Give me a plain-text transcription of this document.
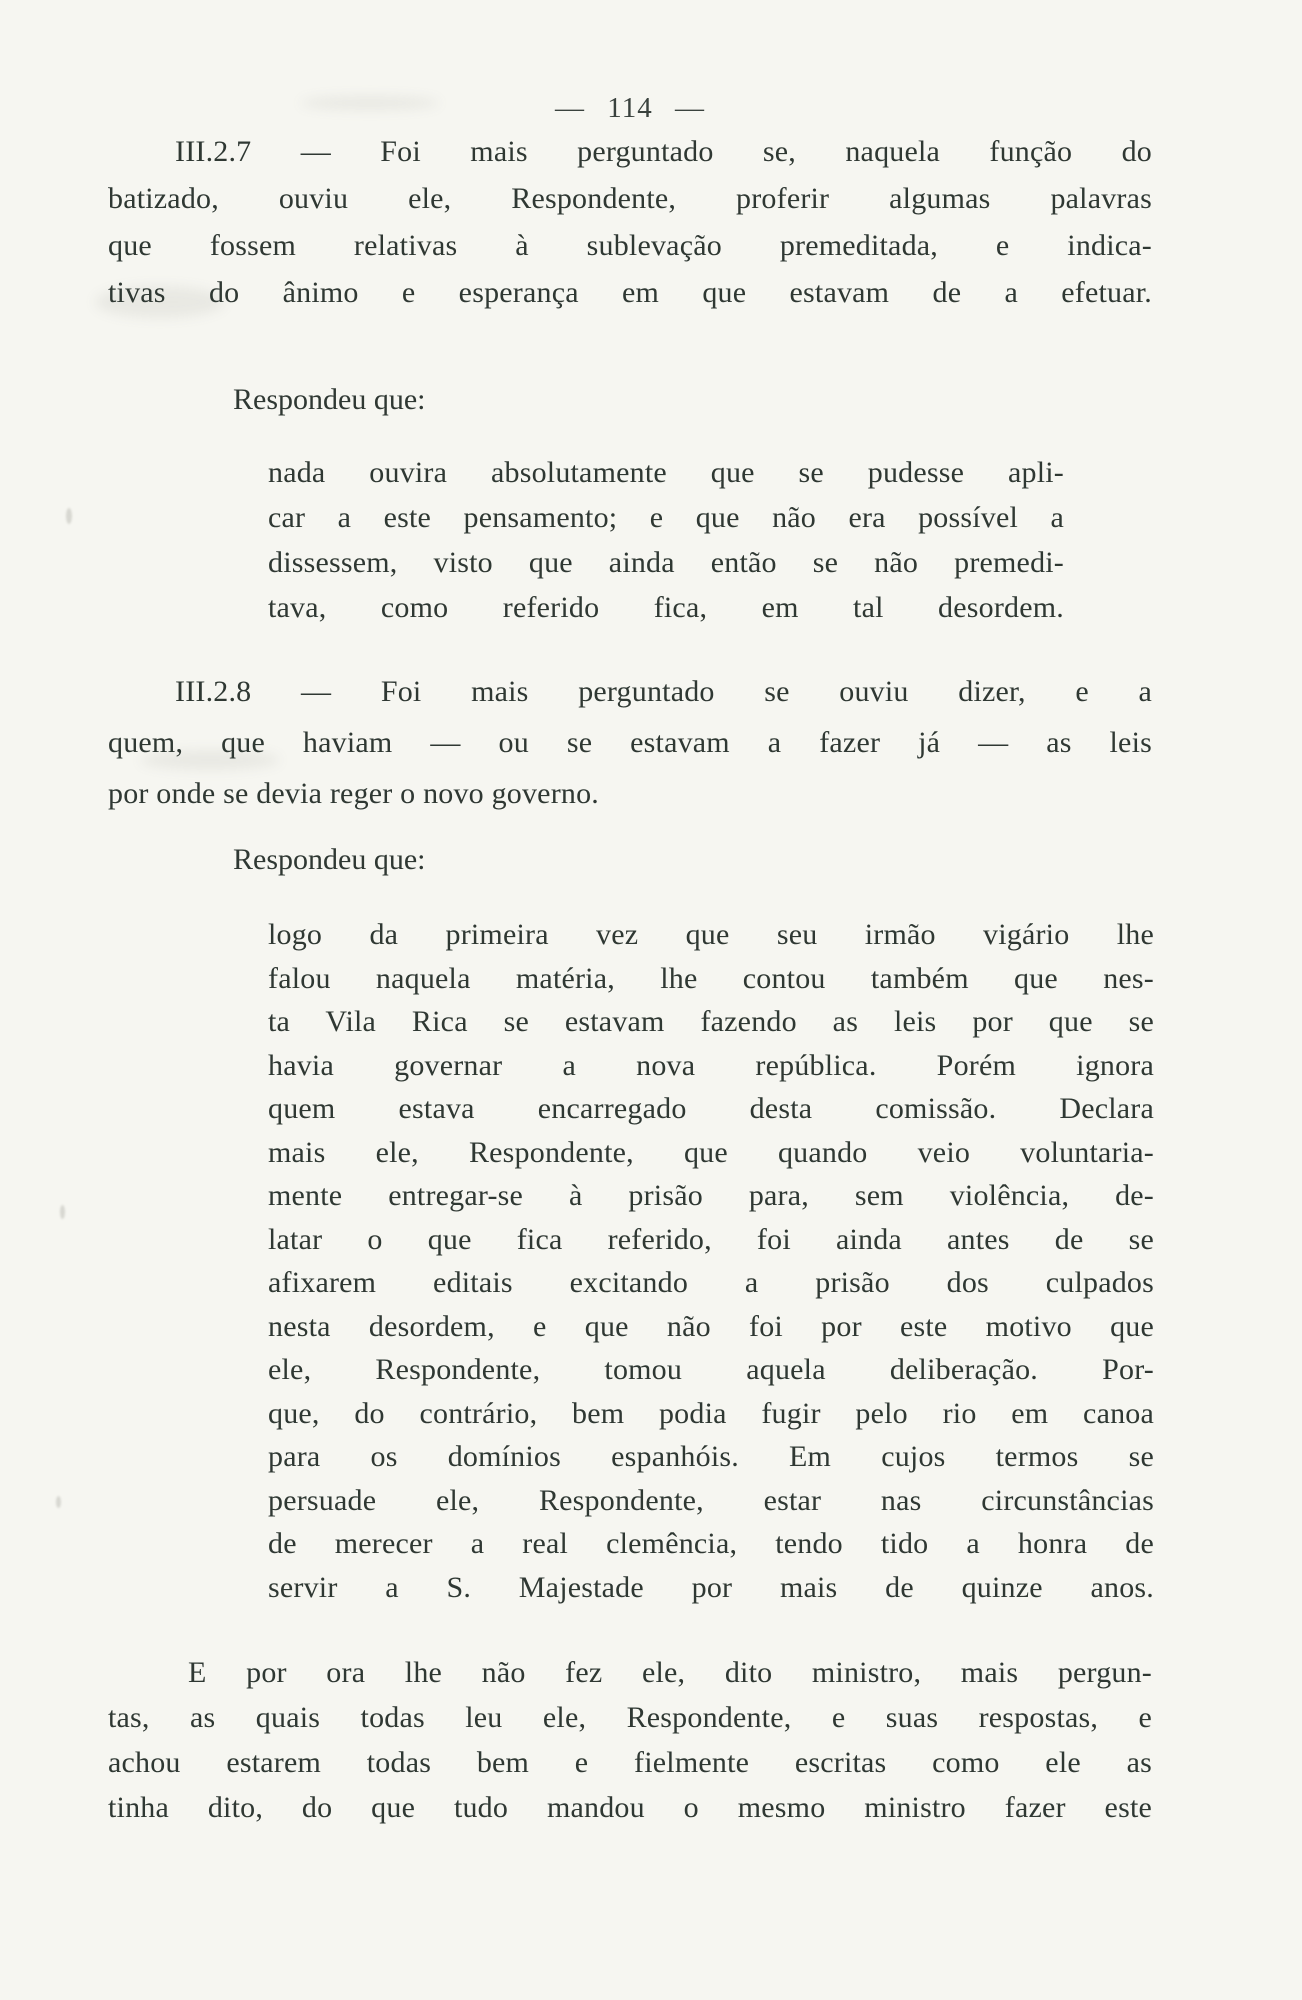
— 114 —
III.2.7 — Foi mais perguntado se, naquela função do
batizado, ouviu ele, Respondente, proferir algumas palavras
que fossem relativas à sublevação premeditada, e indica-
tivas do ânimo e esperança em que estavam de a efetuar.
Respondeu que:
nada ouvira absolutamente que se pudesse apli-
car a este pensamento; e que não era possível a
dissessem, visto que ainda então se não premedi-
tava, como referido fica, em tal desordem.
III.2.8 — Foi mais perguntado se ouviu dizer, e a
quem, que haviam — ou se estavam a fazer já — as leis
por onde se devia reger o novo governo.
Respondeu que:
logo da primeira vez que seu irmão vigário lhe
falou naquela matéria, lhe contou também que nes-
ta Vila Rica se estavam fazendo as leis por que se
havia governar a nova república. Porém ignora
quem estava encarregado desta comissão. Declara
mais ele, Respondente, que quando veio voluntaria-
mente entregar-se à prisão para, sem violência, de-
latar o que fica referido, foi ainda antes de se
afixarem editais excitando a prisão dos culpados
nesta desordem, e que não foi por este motivo que
ele, Respondente, tomou aquela deliberação. Por-
que, do contrário, bem podia fugir pelo rio em canoa
para os domínios espanhóis. Em cujos termos se
persuade ele, Respondente, estar nas circunstâncias
de merecer a real clemência, tendo tido a honra de
servir a S. Majestade por mais de quinze anos.
E por ora lhe não fez ele, dito ministro, mais pergun-
tas, as quais todas leu ele, Respondente, e suas respostas, e
achou estarem todas bem e fielmente escritas como ele as
tinha dito, do que tudo mandou o mesmo ministro fazer este
